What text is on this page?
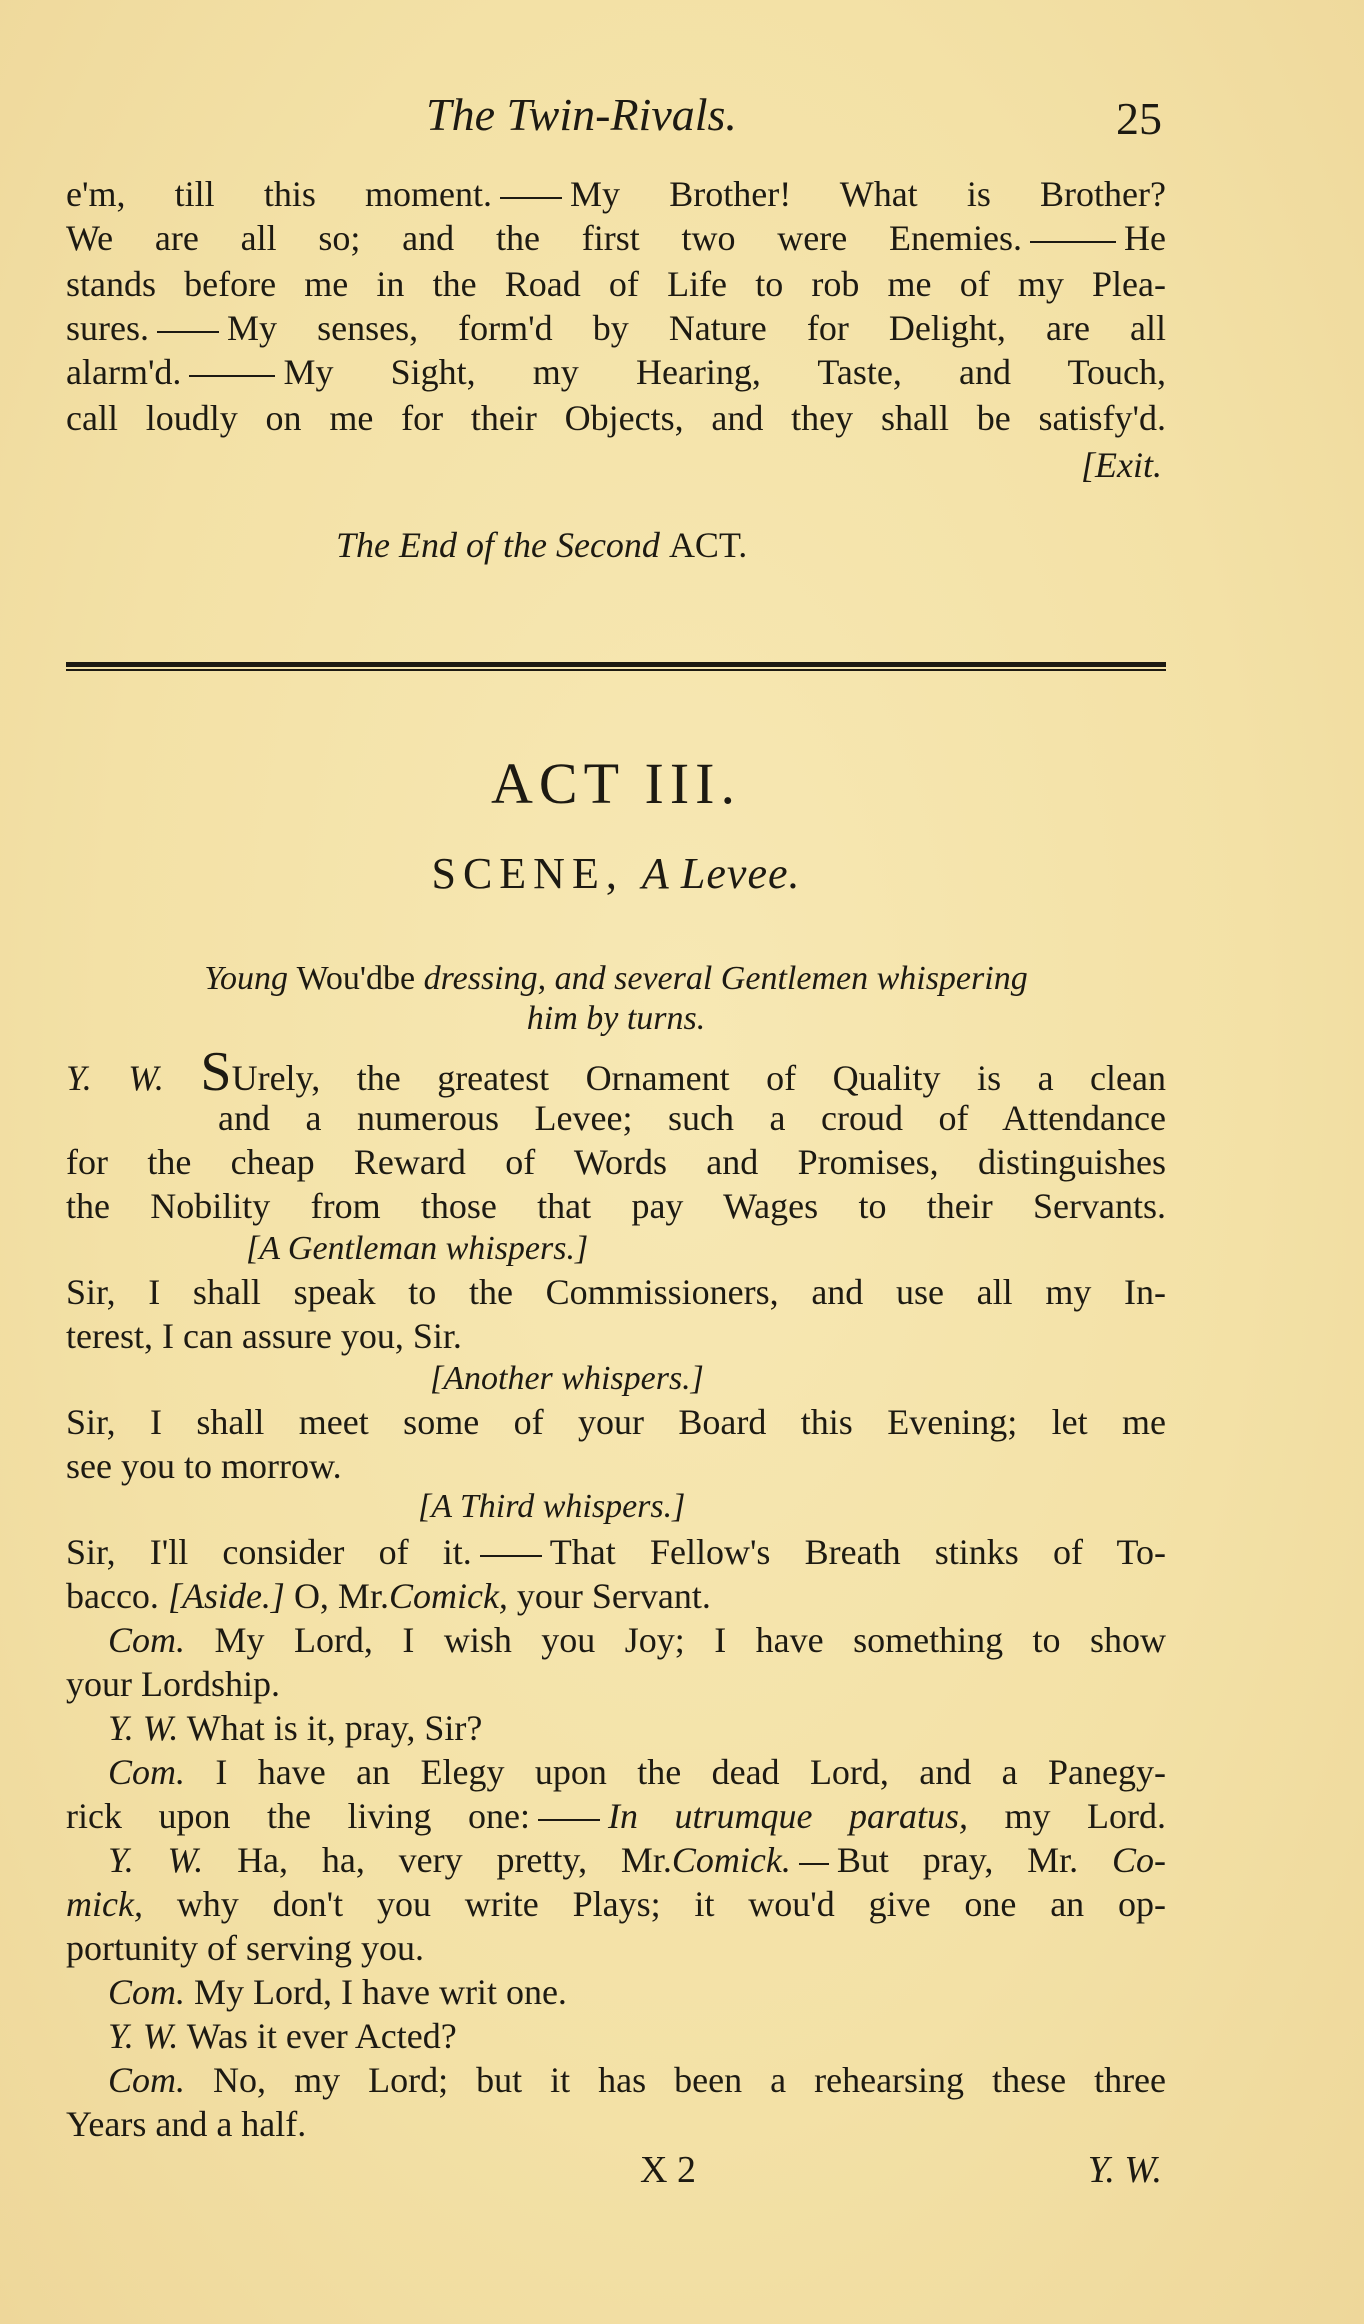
The Twin-Rivals.	25
e'm, till this moment. My Brother! What is Brother?
We are all so; and the first two were Enemies.	He
stands before me in the Road of Life to rob me of my Plea-
sures. My senses, form'd by Nature for Delight, are all
alarm'd.	My Sight, my Hearing, Taste, and Touch,
call loudly on me for their Objects, and they shall be satisfy'd.
[Exit.
The End of the Second ACT.
ACT III.
SCENE, A Levee.
Young Wou'dbe dressing, and several Gentlemen whispering
him by turns.
Y. W. SUrely, the greatest Ornament of Quality is a clean
and a numerous Levee; such a croud of Attendance
for the cheap Reward of Words and Promises, distinguishes
the Nobility from those that pay Wages to their Servants.
[A Gentleman whispers.]
Sir, I shall speak to the Commissioners, and use all my In-
terest, I can assure you, Sir.
[Another whispers.]
Sir, I shall meet some of your Board this Evening; let me
see you to morrow.
[A Third whispers.]
Sir, I'll consider of it. That Fellow's Breath stinks of To-
bacco. [Aside.] O, Mr.Comick, your Servant.
Com. My Lord, I wish you Joy; I have something to show
your Lordship.
Y. W. What is it, pray, Sir?
Com. I have an Elegy upon the dead Lord, and a Panegy-
rick upon the living one: In utrumque paratus, my Lord.
Y. W. Ha, ha, very pretty, Mr.Comick. But pray, Mr. Co-
mick, why don't you write Plays; it wou'd give one an op-
portunity of serving you.
Com. My Lord, I have writ one.
Y. W. Was it ever Acted?
Com. No, my Lord; but it has been a rehearsing these three
Years and a half.
X 2	Y. W.
